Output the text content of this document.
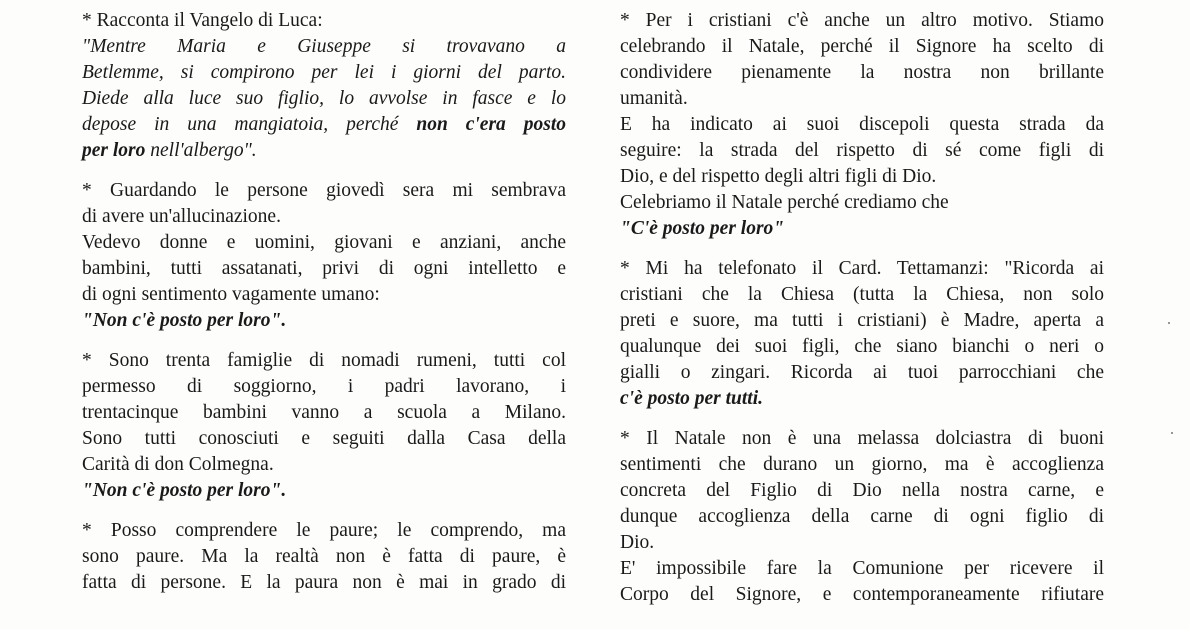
* Racconta il Vangelo di Luca:
"Mentre Maria e Giuseppe si trovavano a
Betlemme, si compirono per lei i giorni del parto.
Diede alla luce suo figlio, lo avvolse in fasce e lo
depose in una mangiatoia, perché non c'era posto
per loro nell'albergo".
* Guardando le persone giovedì sera mi sembrava
di avere un'allucinazione.
Vedevo donne e uomini, giovani e anziani, anche
bambini, tutti assatanati, privi di ogni intelletto e
di ogni sentimento vagamente umano:
"Non c'è posto per loro".
* Sono trenta famiglie di nomadi rumeni, tutti col
permesso di soggiorno, i padri lavorano, i
trentacinque bambini vanno a scuola a Milano.
Sono tutti conosciuti e seguiti dalla Casa della
Carità di don Colmegna.
"Non c'è posto per loro".
* Posso comprendere le paure; le comprendo, ma
sono paure. Ma la realtà non è fatta di paure, è
fatta di persone. E la paura non è mai in grado di
* Per i cristiani c'è anche un altro motivo. Stiamo
celebrando il Natale, perché il Signore ha scelto di
condividere pienamente la nostra non brillante
umanità.
E ha indicato ai suoi discepoli questa strada da
seguire: la strada del rispetto di sé come figli di
Dio, e del rispetto degli altri figli di Dio.
Celebriamo il Natale perché crediamo che
"C'è posto per loro"
* Mi ha telefonato il Card. Tettamanzi: "Ricorda ai
cristiani che la Chiesa (tutta la Chiesa, non solo
preti e suore, ma tutti i cristiani) è Madre, aperta a
qualunque dei suoi figli, che siano bianchi o neri o
gialli o zingari. Ricorda ai tuoi parrocchiani che
c'è posto per tutti.
* Il Natale non è una melassa dolciastra di buoni
sentimenti che durano un giorno, ma è accoglienza
concreta del Figlio di Dio nella nostra carne, e
dunque accoglienza della carne di ogni figlio di
Dio.
E' impossibile fare la Comunione per ricevere il
Corpo del Signore, e contemporaneamente rifiutare
